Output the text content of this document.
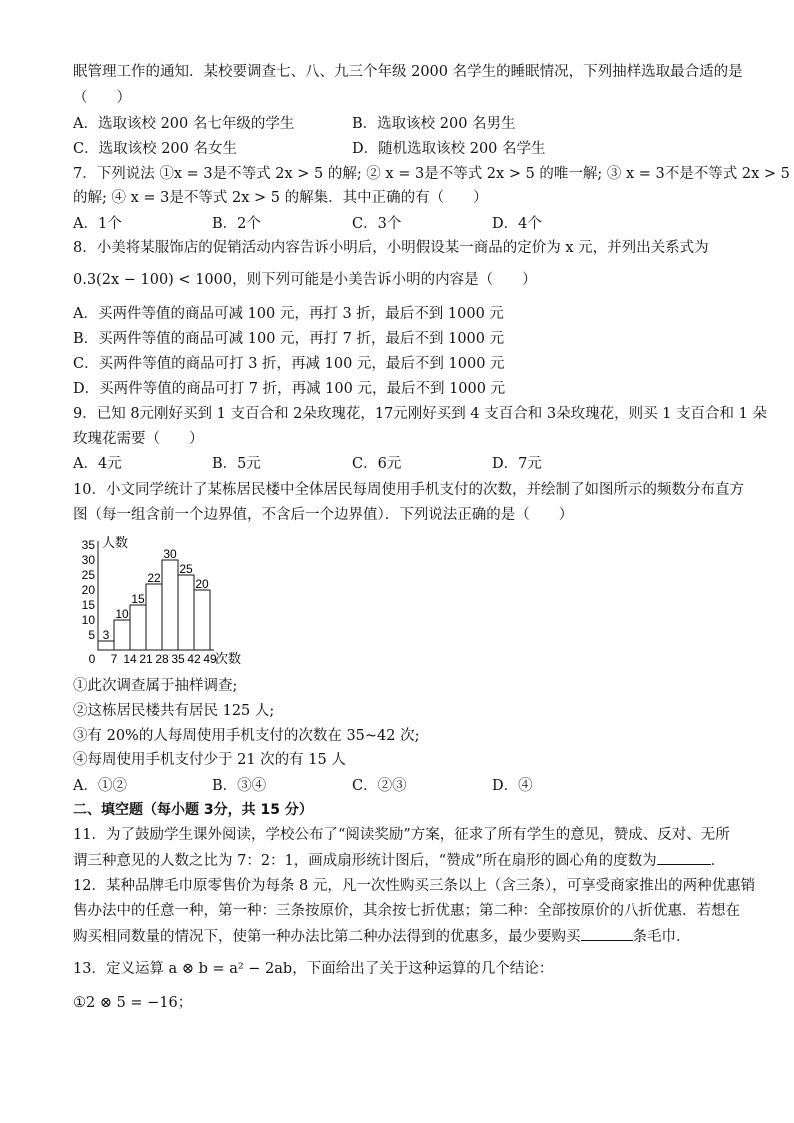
眠管理工作的通知．某校要调查七、八、九三个年级 2000 名学生的睡眠情况，下列抽样选取最合适的是
（　　）
A．选取该校 200 名七年级的学生	B．选取该校 200 名男生
C．选取该校 200 名女生	D．随机选取该校 200 名学生
7．下列说法 ①x = 3是不等式 2x > 5 的解; ② x = 3是不等式 2x > 5 的唯一解; ③ x = 3不是不等式 2x > 5
的解; ④ x = 3是不等式 2x > 5 的解集．其中正确的有（　　）
A．1个	B．2个	C．3个	D．4个
8．小美将某服饰店的促销活动内容告诉小明后，小明假设某一商品的定价为 x 元，并列出关系式为
0.3(2x − 100) < 1000，则下列可能是小美告诉小明的内容是（　　）
A．买两件等值的商品可减 100 元，再打 3 折，最后不到 1000 元
B．买两件等值的商品可减 100 元，再打 7 折，最后不到 1000 元
C．买两件等值的商品可打 3 折，再减 100 元，最后不到 1000 元
D．买两件等值的商品可打 7 折，再减 100 元，最后不到 1000 元
9．已知 8元刚好买到 1 支百合和 2朵玫瑰花，17元刚好买到 4 支百合和 3朵玫瑰花，则买 1 支百合和 1 朵
玫瑰花需要（　　）
A．4元	B．5元	C．6元	D．7元
10．小文同学统计了某栋居民楼中全体居民每周使用手机支付的次数，并绘制了如图所示的频数分布直方
图（每一组含前一个边界值，不含后一个边界值）．下列说法正确的是（　　）
3
10
15
22
30
25
20
5
10
15
20
25
30
35 人数
0 7 14 21 28 35 42 49
次数
①此次调查属于抽样调查;
②这栋居民楼共有居民 125 人;
③有 20%的人每周使用手机支付的次数在 35~42 次;
④每周使用手机支付少于 21 次的有 15 人
A．①②	B．③④	C．②③	D．④
二、填空题（每小题 3分，共 15 分）
11．为了鼓励学生课外阅读，学校公布了“阅读奖励”方案，征求了所有学生的意见，赞成、反对、无所
谓三种意见的人数之比为 7：2：1，画成扇形统计图后，“赞成”所在扇形的圆心角的度数为	．
12．某种品牌毛巾原零售价为每条 8 元，凡一次性购买三条以上（含三条），可享受商家推出的两种优惠销
售办法中的任意一种，第一种：三条按原价，其余按七折优惠；第二种：全部按原价的八折优惠．若想在
购买相同数量的情况下，使第一种办法比第二种办法得到的优惠多，最少要购买	条毛巾．
13．定义运算 a ⊗ b = a² − 2ab，下面给出了关于这种运算的几个结论：
①2 ⊗ 5 = −16；
